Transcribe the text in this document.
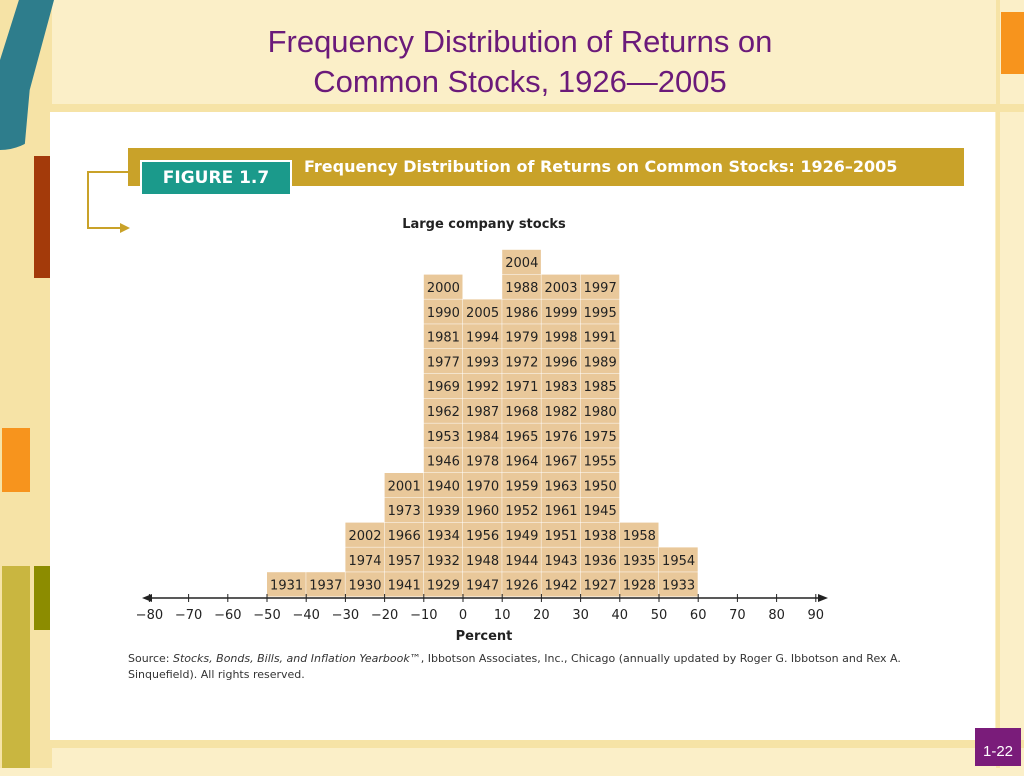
Frequency Distribution of Returns on
Common Stocks, 1926—2005
FIGURE 1.7
Frequency Distribution of Returns on Common Stocks: 1926–2005
Large company stocks
1931 1937 1930
1974
2002
1941
1957
1966
1973
2001
1929
1932
1934
1939
1940
1946
1953
1962
1969
1977
1981
1990
2000
1947
1948
1956
1960
1970
1978
1984
1987
1992
1993
1994
2005
1926
1944
1949
1952
1959
1964
1965
1968
1971
1972
1979
1986
1988
2004
1942
1943
1951
1961
1963
1967
1976
1982
1983
1996
1998
1999
2003
1927
1936
1938
1945
1950
1955
1975
1980
1985
1989
1991
1995
1997
1928
1935
1958
1933
1954
−80 −70 −60 −50 −40 −30 −20 −10 0 10 20 30 40 50 60 70 80 90
Percent
Source: Stocks, Bonds, Bills, and Inflation Yearbook™, Ibbotson Associates, Inc., Chicago (annually updated by Roger G. Ibbotson and Rex A. Sinquefield). All rights reserved.
1-22
